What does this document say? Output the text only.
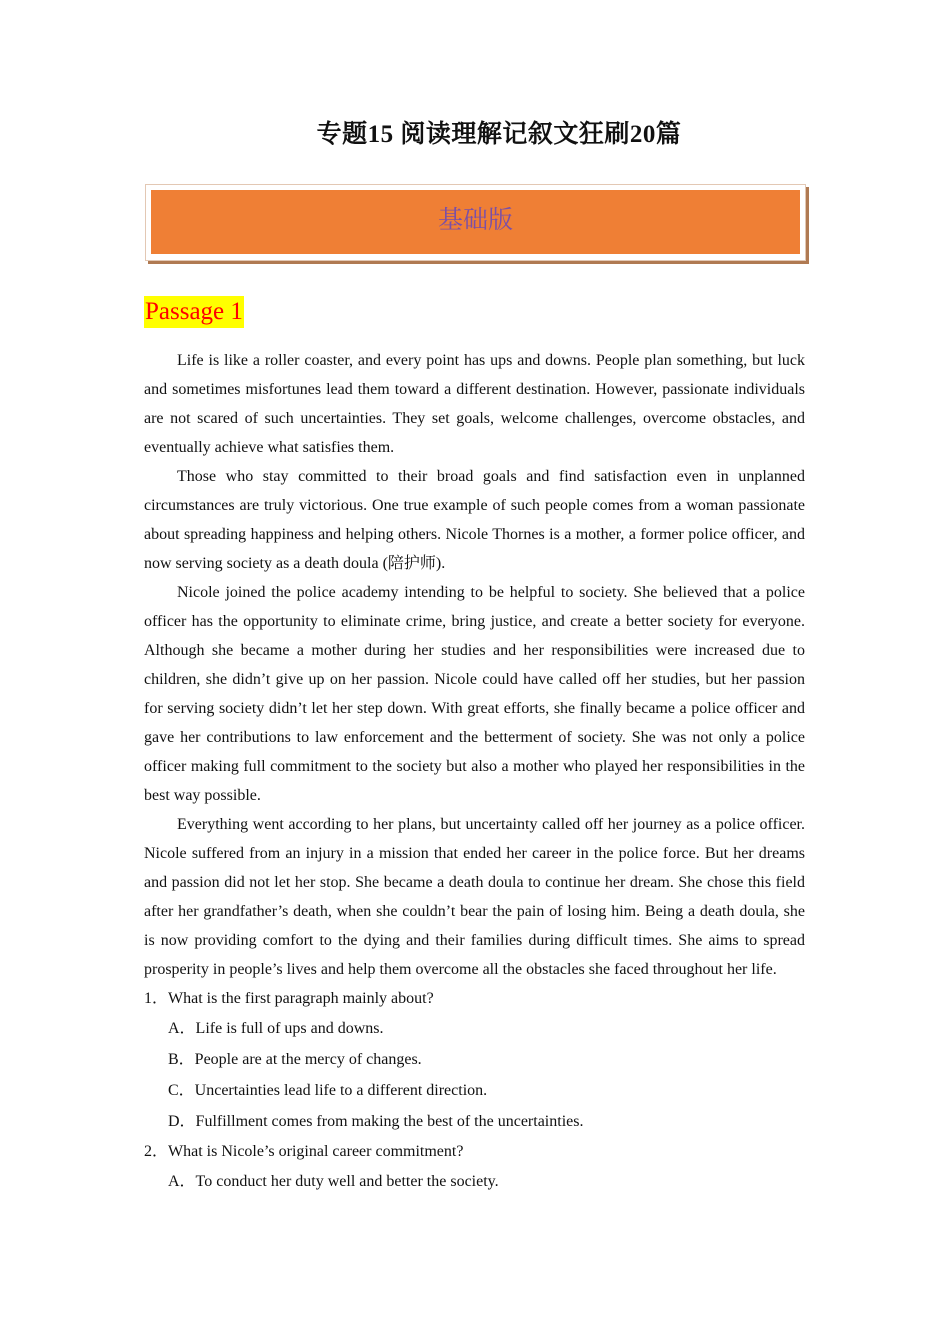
专题15 阅读理解记叙文狂刷20篇
基础版
Passage 1

Life is like a roller coaster, and every point has ups and downs. People plan something, but luck and sometimes misfortunes lead them toward a different destination. However, passionate individuals are not scared of such uncertainties. They set goals, welcome challenges, overcome obstacles, and eventually achieve what satisfies them.

Those who stay committed to their broad goals and find satisfaction even in unplanned circumstances are truly victorious. One true example of such people comes from a woman passionate about spreading happiness and helping others. Nicole Thornes is a mother, a former police officer, and now serving society as a death doula (陪护师).

Nicole joined the police academy intending to be helpful to society. She believed that a police officer has the opportunity to eliminate crime, bring justice, and create a better society for everyone. Although she became a mother during her studies and her responsibilities were increased due to children, she didn’t give up on her passion. Nicole could have called off her studies, but her passion for serving society didn’t let her step down. With great efforts, she finally became a police officer and gave her contributions to law enforcement and the betterment of society. She was not only a police officer making full commitment to the society but also a mother who played her responsibilities in the best way possible.

Everything went according to her plans, but uncertainty called off her journey as a police officer. Nicole suffered from an injury in a mission that ended her career in the police force. But her dreams and passion did not let her stop. She became a death doula to continue her dream. She chose this field after her grandfather’s death, when she couldn’t bear the pain of losing him. Being a death doula, she is now providing comfort to the dying and their families during difficult times. She aims to spread prosperity in people’s lives and help them overcome all the obstacles she faced throughout her life.

1．What is the first paragraph mainly about?
A．Life is full of ups and downs.
B．People are at the mercy of changes.
C．Uncertainties lead life to a different direction.
D．Fulfillment comes from making the best of the uncertainties.
2．What is Nicole’s original career commitment?
A．To conduct her duty well and better the society.
